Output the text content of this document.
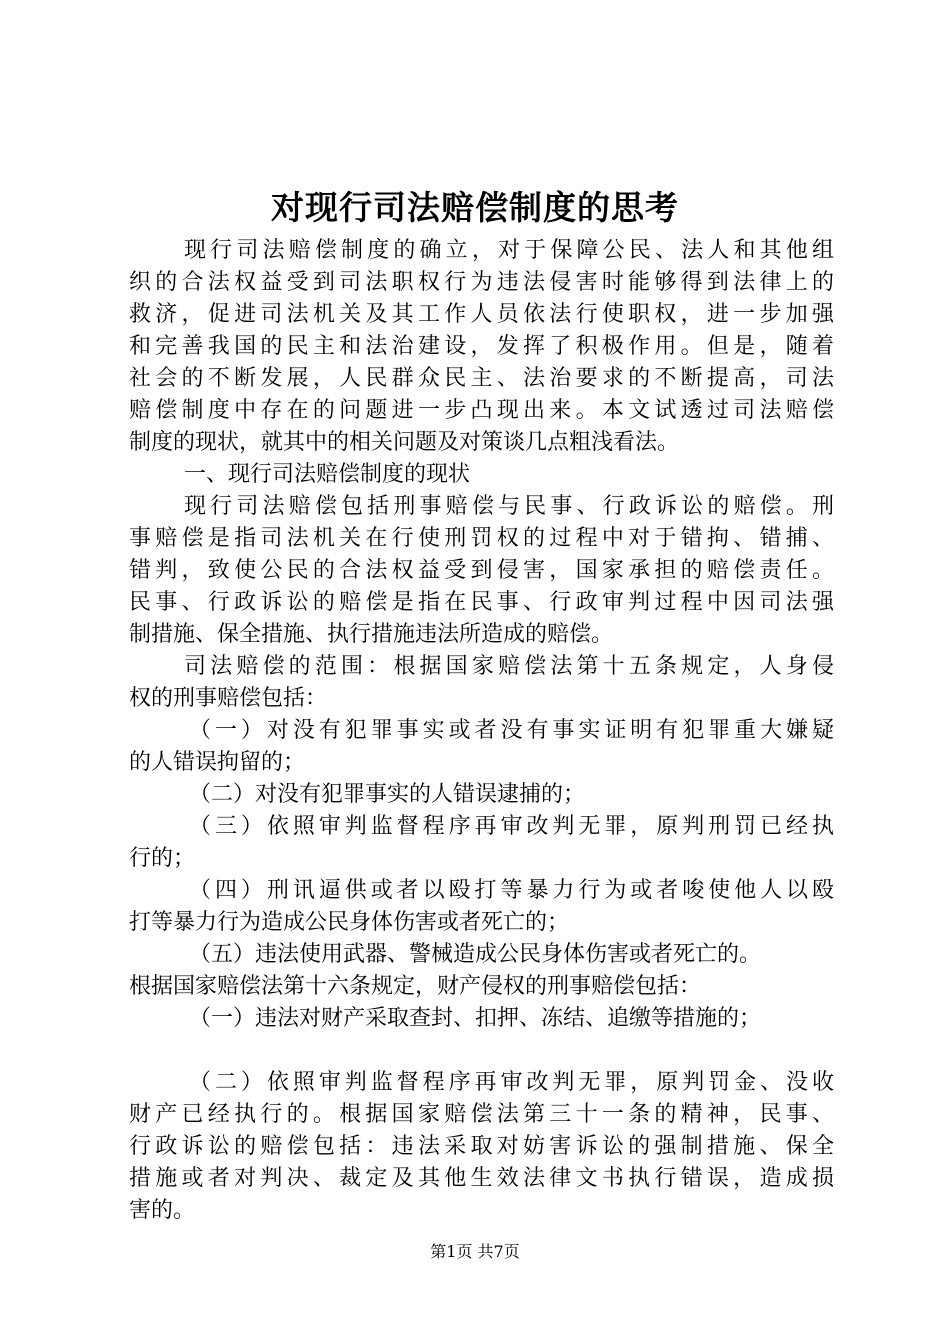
对现行司法赔偿制度的思考
现行司法赔偿制度的确立，对于保障公民、法人和其他组
织的合法权益受到司法职权行为违法侵害时能够得到法律上的
救济，促进司法机关及其工作人员依法行使职权，进一步加强
和完善我国的民主和法治建设，发挥了积极作用。但是，随着
社会的不断发展，人民群众民主、法治要求的不断提高，司法
赔偿制度中存在的问题进一步凸现出来。本文试透过司法赔偿
制度的现状，就其中的相关问题及对策谈几点粗浅看法。
一、现行司法赔偿制度的现状
现行司法赔偿包括刑事赔偿与民事、行政诉讼的赔偿。刑
事赔偿是指司法机关在行使刑罚权的过程中对于错拘、错捕、
错判，致使公民的合法权益受到侵害，国家承担的赔偿责任。
民事、行政诉讼的赔偿是指在民事、行政审判过程中因司法强
制措施、保全措施、执行措施违法所造成的赔偿。
司法赔偿的范围：根据国家赔偿法第十五条规定，人身侵
权的刑事赔偿包括：
（一）对没有犯罪事实或者没有事实证明有犯罪重大嫌疑
的人错误拘留的；
（二）对没有犯罪事实的人错误逮捕的；
（三）依照审判监督程序再审改判无罪，原判刑罚已经执
行的；
（四）刑讯逼供或者以殴打等暴力行为或者唆使他人以殴
打等暴力行为造成公民身体伤害或者死亡的；
（五）违法使用武器、警械造成公民身体伤害或者死亡的。
根据国家赔偿法第十六条规定，财产侵权的刑事赔偿包括：
（一）违法对财产采取查封、扣押、冻结、追缴等措施的；
（二）依照审判监督程序再审改判无罪，原判罚金、没收
财产已经执行的。根据国家赔偿法第三十一条的精神，民事、
行政诉讼的赔偿包括：违法采取对妨害诉讼的强制措施、保全
措施或者对判决、裁定及其他生效法律文书执行错误，造成损
害的。
第1页 共7页
